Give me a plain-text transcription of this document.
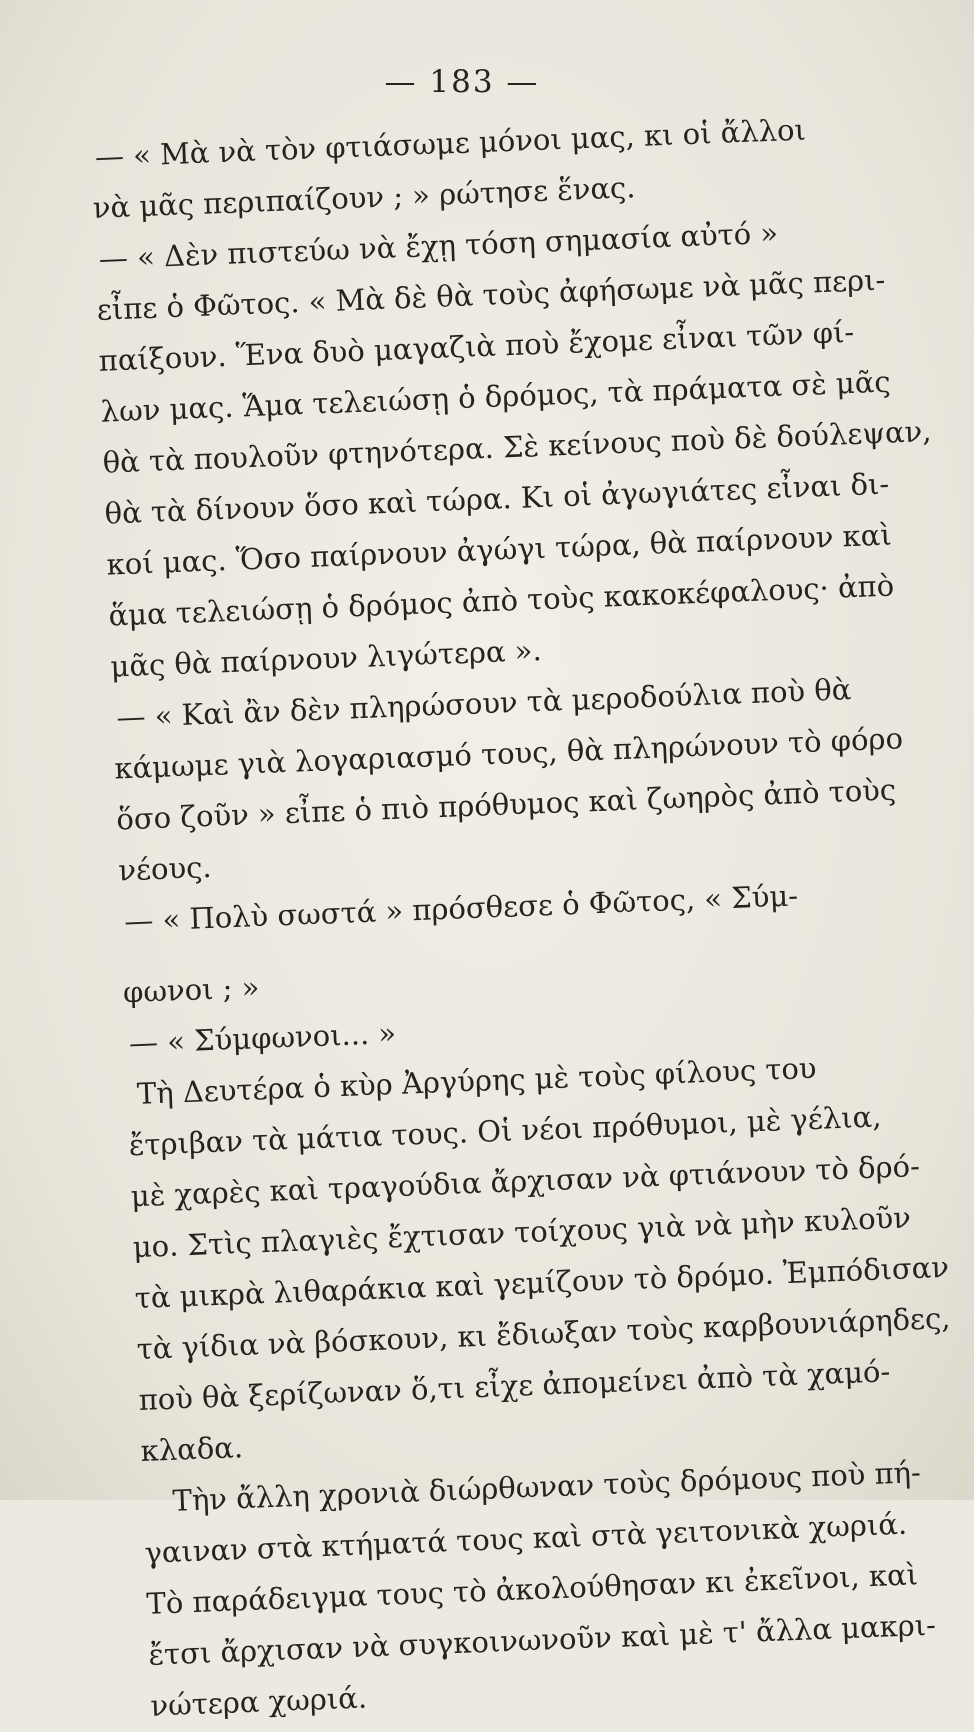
— 183 —
— « Μὰ νὰ τὸν φτιάσωμε μόνοι μας, κι οἱ ἄλλοι
νὰ μᾶς περιπαίζουν ; » ρώτησε ἕνας.
— « Δὲν πιστεύω νὰ ἔχῃ τόση σημασία αὐτό »
εἶπε ὁ Φῶτος. « Μὰ δὲ θὰ τοὺς ἀφήσωμε νὰ μᾶς περι-
παίξουν. Ἕνα δυὸ μαγαζιὰ ποὺ ἔχομε εἶναι τῶν φί-
λων μας. Ἅμα τελειώσῃ ὁ δρόμος, τὰ πράματα σὲ μᾶς
θὰ τὰ πουλοῦν φτηνότερα. Σὲ κείνους ποὺ δὲ δούλεψαν,
θὰ τὰ δίνουν ὅσο καὶ τώρα. Κι οἱ ἀγωγιάτες εἶναι δι-
κοί μας. Ὅσο παίρνουν ἀγώγι τώρα, θὰ παίρνουν καὶ
ἅμα τελειώσῃ ὁ δρόμος ἀπὸ τοὺς κακοκέφαλους· ἀπὸ
μᾶς θὰ παίρνουν λιγώτερα ».
— « Καὶ ἂν δὲν πληρώσουν τὰ μεροδούλια ποὺ θὰ
κάμωμε γιὰ λογαριασμό τους, θὰ πληρώνουν τὸ φόρο
ὅσο ζοῦν » εἶπε ὁ πιὸ πρόθυμος καὶ ζωηρὸς ἀπὸ τοὺς
νέους.
— « Πολὺ σωστά » πρόσθεσε ὁ Φῶτος, « Σύμ-
φωνοι ; »
— « Σύμφωνοι... »
Τὴ Δευτέρα ὁ κὺρ Ἀργύρης μὲ τοὺς φίλους του
ἔτριβαν τὰ μάτια τους. Οἱ νέοι πρόθυμοι, μὲ γέλια,
μὲ χαρὲς καὶ τραγούδια ἄρχισαν νὰ φτιάνουν τὸ δρό-
μο. Στὶς πλαγιὲς ἔχτισαν τοίχους γιὰ νὰ μὴν κυλοῦν
τὰ μικρὰ λιθαράκια καὶ γεμίζουν τὸ δρόμο. Ἐμπόδισαν
τὰ γίδια νὰ βόσκουν, κι ἔδιωξαν τοὺς καρβουνιάρηδες,
ποὺ θὰ ξερίζωναν ὅ,τι εἶχε ἀπομείνει ἀπὸ τὰ χαμό-
κλαδα.
Τὴν ἄλλη χρονιὰ διώρθωναν τοὺς δρόμους ποὺ πή-
γαιναν στὰ κτήματά τους καὶ στὰ γειτονικὰ χωριά.
Τὸ παράδειγμα τους τὸ ἀκολούθησαν κι ἐκεῖνοι, καὶ
ἔτσι ἄρχισαν νὰ συγκοινωνοῦν καὶ μὲ τ' ἄλλα μακρι-
νώτερα χωριά.
